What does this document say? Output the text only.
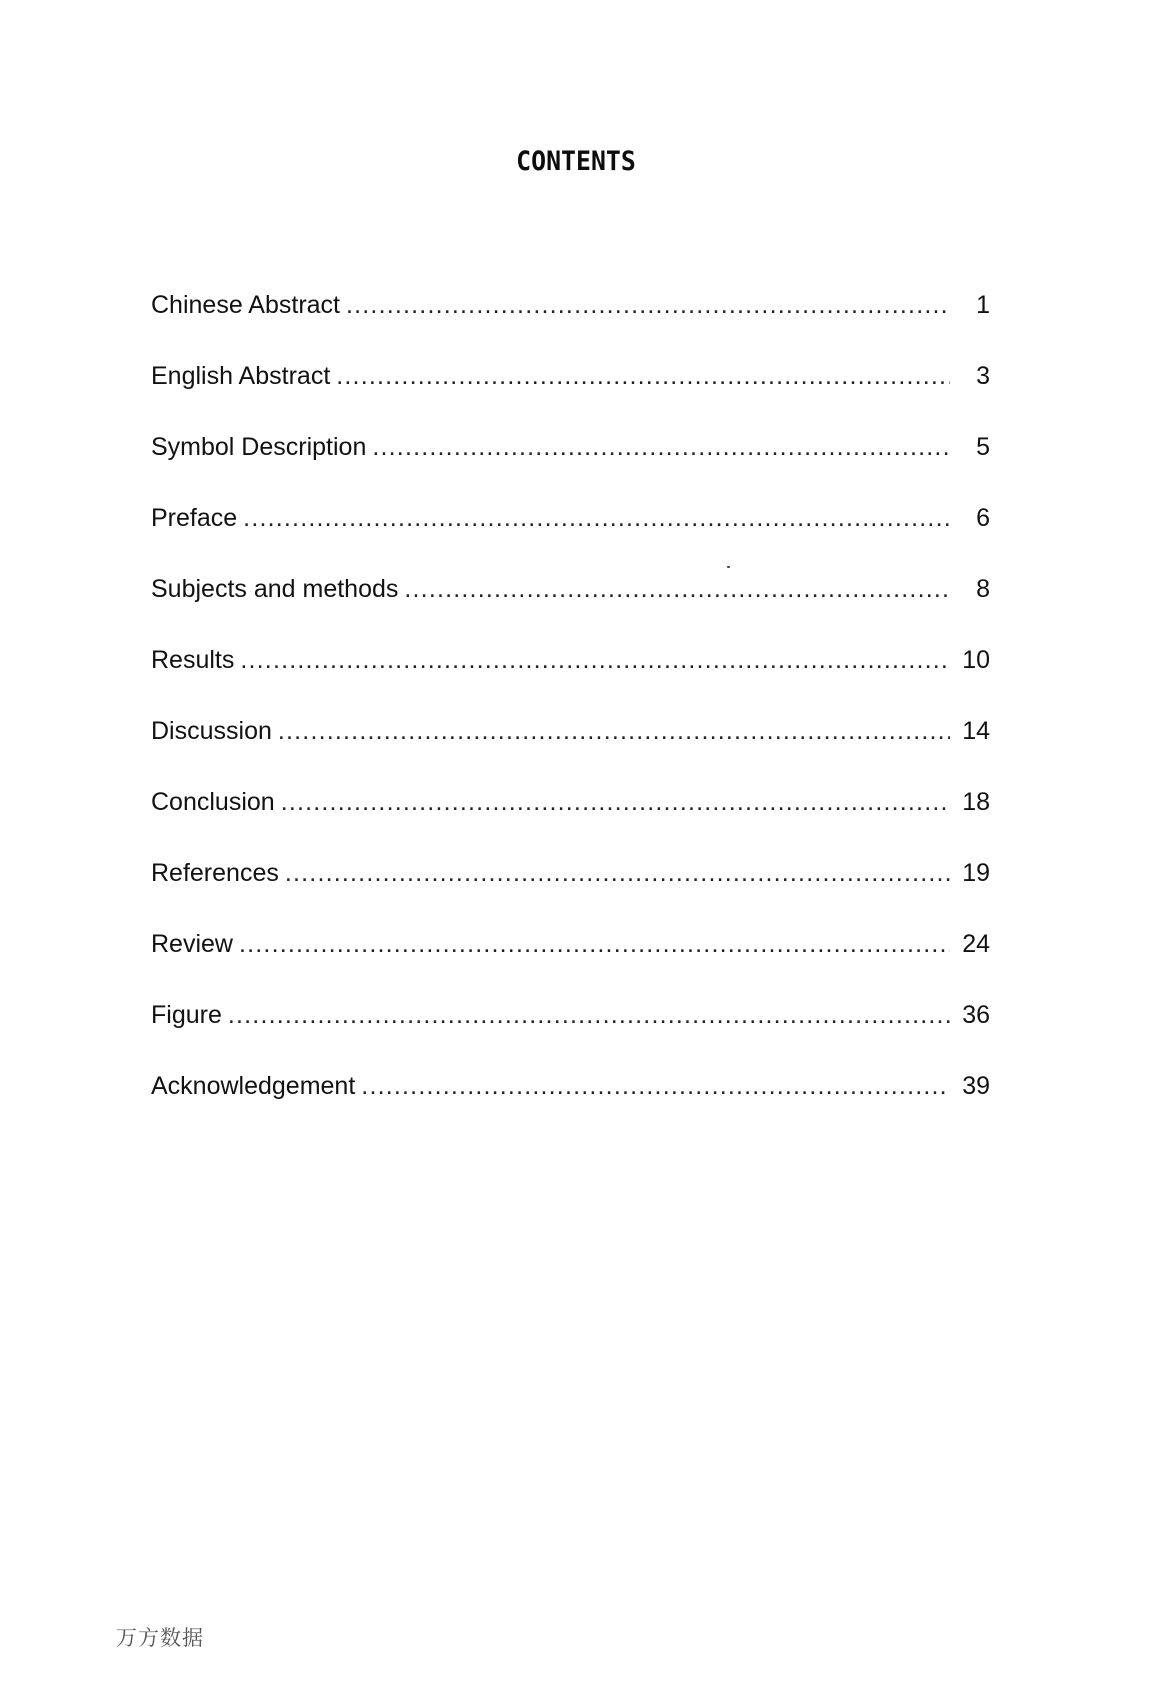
CONTENTS
Chinese Abstract .....	1
English Abstract .....	3
Symbol Description .....	5
Preface .....	6
Subjects and methods .....	8
Results .....	10
Discussion .....	14
Conclusion .....	18
References .....	19
Review .....	24
Figure .....	36
Acknowledgement .....	39
万方数据
